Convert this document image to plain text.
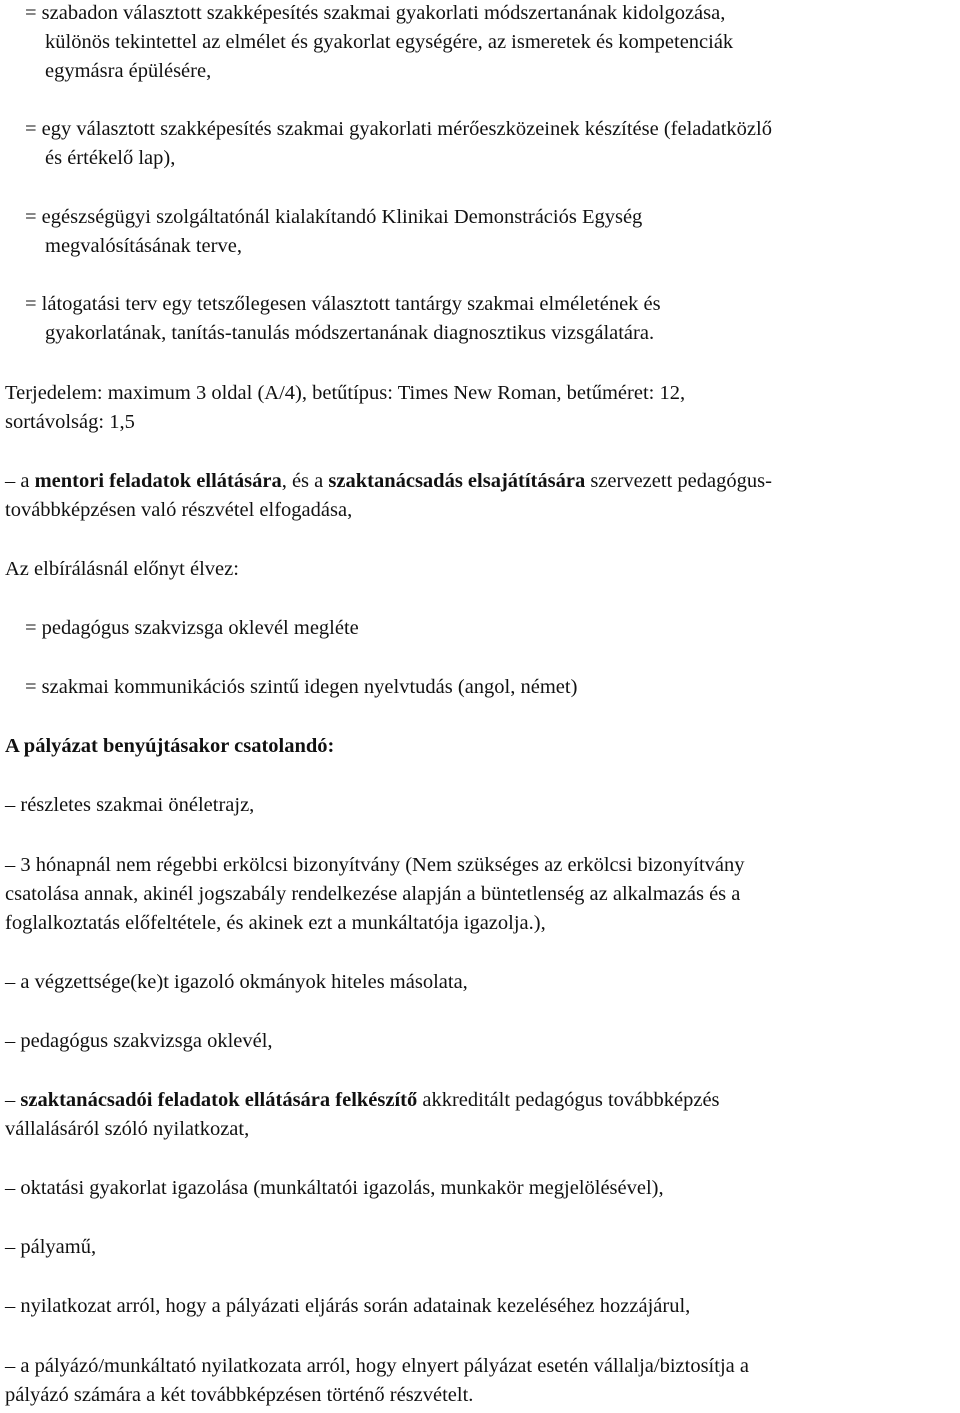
= szabadon választott szakképesítés szakmai gyakorlati módszertanának kidolgozása,

különös tekintettel az elmélet és gyakorlat egységére, az ismeretek és kompetenciák

egymásra épülésére,

= egy választott szakképesítés szakmai gyakorlati mérőeszközeinek készítése (feladatközlő

és értékelő lap),

= egészségügyi szolgáltatónál kialakítandó Klinikai Demonstrációs Egység

megvalósításának terve,

= látogatási terv egy tetszőlegesen választott tantárgy szakmai elméletének és

gyakorlatának, tanítás-tanulás módszertanának diagnosztikus vizsgálatára.

Terjedelem: maximum 3 oldal (A/4), betűtípus: Times New Roman, betűméret: 12,

sortávolság: 1,5

– a mentori feladatok ellátására, és a szaktanácsadás elsajátítására szervezett pedagógus-

továbbképzésen való részvétel elfogadása,

Az elbírálásnál előnyt élvez:

= pedagógus szakvizsga oklevél megléte

= szakmai kommunikációs szintű idegen nyelvtudás (angol, német)

A pályázat benyújtásakor csatolandó:

– részletes szakmai önéletrajz,

– 3 hónapnál nem régebbi erkölcsi bizonyítvány (Nem szükséges az erkölcsi bizonyítvány

csatolása annak, akinél jogszabály rendelkezése alapján a büntetlenség az alkalmazás és a

foglalkoztatás előfeltétele, és akinek ezt a munkáltatója igazolja.),

– a végzettsége(ke)t igazoló okmányok hiteles másolata,

– pedagógus szakvizsga oklevél,

– szaktanácsadói feladatok ellátására felkészítő akkreditált pedagógus továbbképzés

vállalásáról szóló nyilatkozat,

– oktatási gyakorlat igazolása (munkáltatói igazolás, munkakör megjelölésével),

– pályamű,

– nyilatkozat arról, hogy a pályázati eljárás során adatainak kezeléséhez hozzájárul,

– a pályázó/munkáltató nyilatkozata arról, hogy elnyert pályázat esetén vállalja/biztosítja a

pályázó számára a két továbbképzésen történő részvételt.
